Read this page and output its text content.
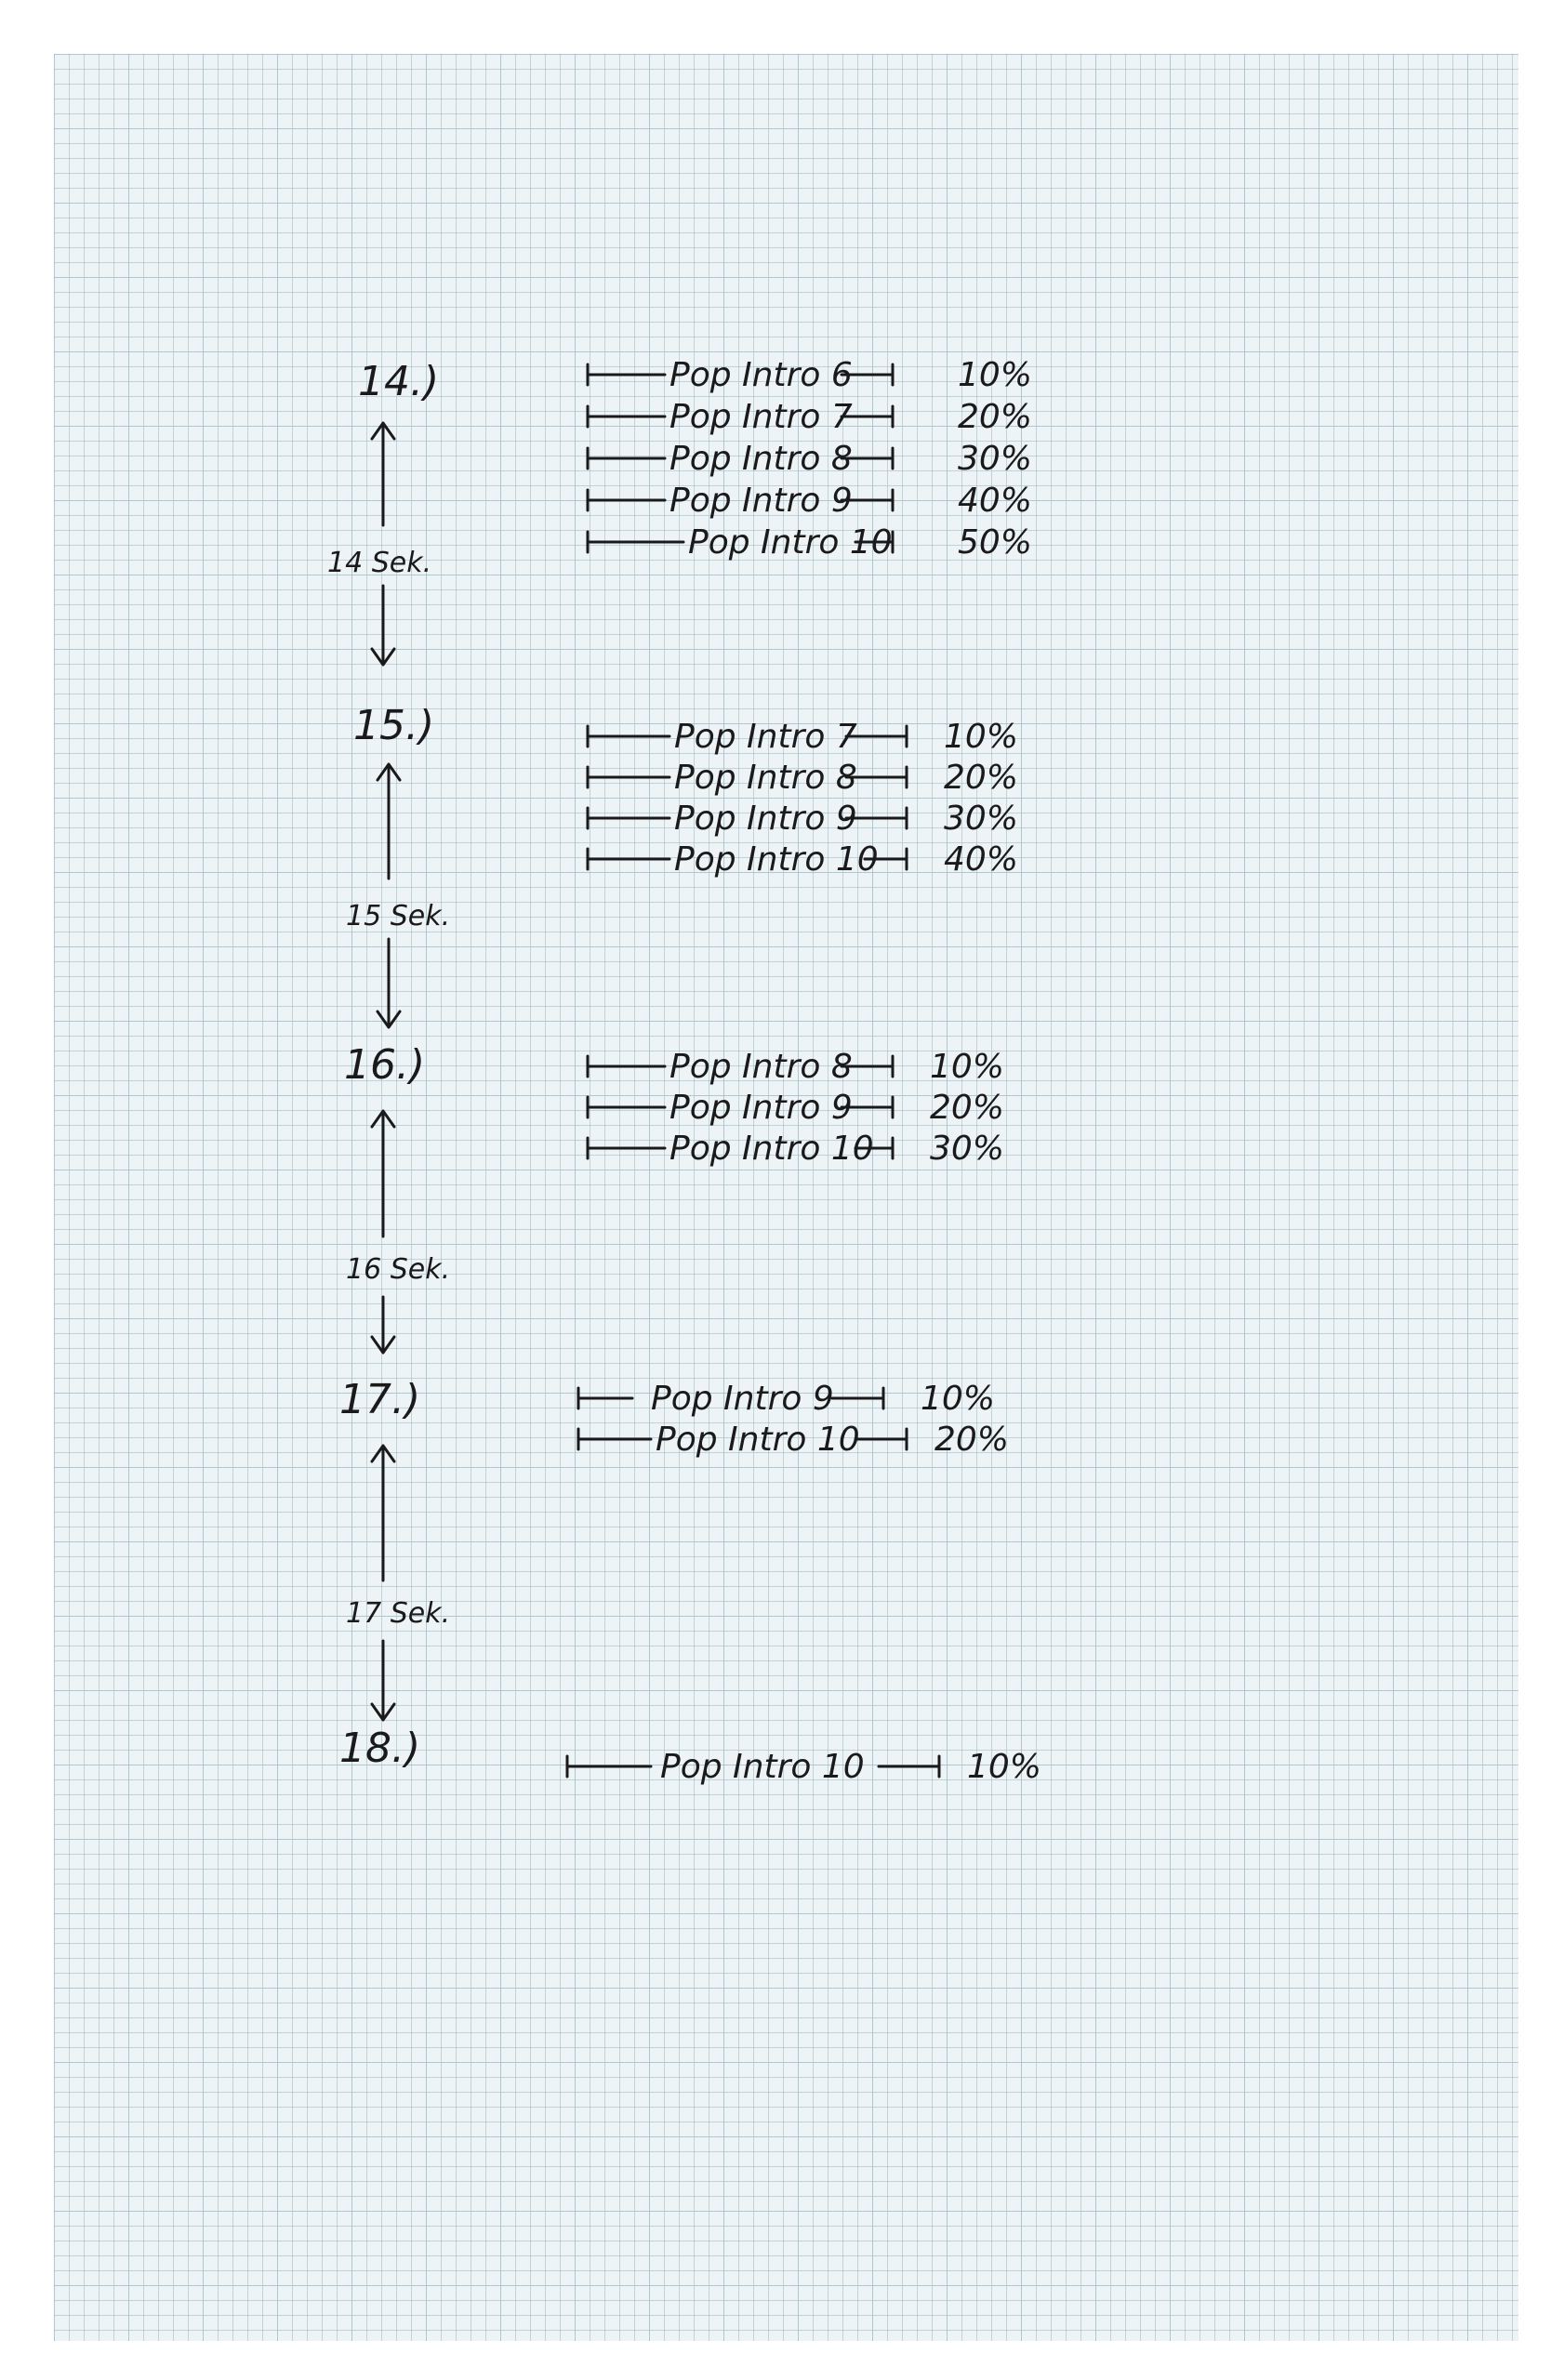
14.)
15.)
16.)
17.)
18.)
14 Sek.
15 Sek.
16 Sek.
17 Sek.
Pop Intro 6	10%
Pop Intro 7	20%
Pop Intro 8	30%
Pop Intro 9	40%
Pop Intro 10 50%
Pop Intro 7	10%
Pop Intro 8	20%
Pop Intro 9	30%
Pop Intro 10 40%
Pop Intro 8 10%
Pop Intro 9 20%
Pop Intro 10 30%
Pop Intro 9	10%
Pop Intro 10 20%
Pop Intro 10	10%
